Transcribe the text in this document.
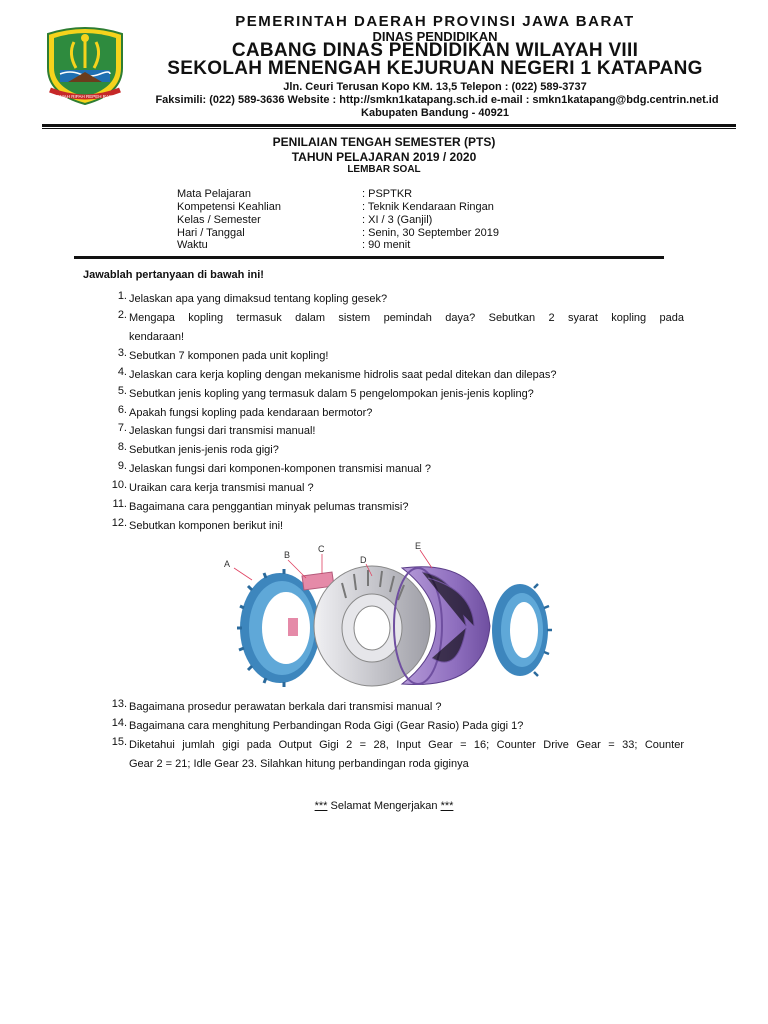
GEMAH RIPAH REPEH RAPIH
PEMERINTAH DAERAH PROVINSI JAWA BARAT
DINAS PENDIDIKAN
CABANG DINAS PENDIDIKAN WILAYAH VIII
SEKOLAH MENENGAH KEJURUAN NEGERI 1 KATAPANG
Jln. Ceuri Terusan Kopo KM. 13,5 Telepon : (022) 589-3737
Faksimili: (022) 589-3636 Website : http://smkn1katapang.sch.id e-mail : smkn1katapang@bdg.centrin.net.id
Kabupaten Bandung - 40921
PENILAIAN TENGAH SEMESTER (PTS)
TAHUN PELAJARAN 2019 / 2020
LEMBAR SOAL
Mata Pelajaran	: PSPTKR
Kompetensi Keahlian	: Teknik Kendaraan Ringan
Kelas / Semester	: XI / 3 (Ganjil)
Hari / Tanggal	: Senin, 30 September 2019
Waktu	: 90 menit
Jawablah pertanyaan di bawah ini!
1. Jelaskan apa yang dimaksud tentang kopling gesek?
2. Mengapa kopling termasuk dalam sistem pemindah daya? Sebutkan 2 syarat kopling pada
kendaraan!
3. Sebutkan 7 komponen pada unit kopling!
4. Jelaskan cara kerja kopling dengan mekanisme hidrolis saat pedal ditekan dan dilepas?
5. Sebutkan jenis kopling yang termasuk dalam 5 pengelompokan jenis-jenis kopling?
6. Apakah fungsi kopling pada kendaraan bermotor?
7. Jelaskan fungsi dari transmisi manual!
8. Sebutkan jenis-jenis roda gigi?
9. Jelaskan fungsi dari komponen-komponen transmisi manual ?
10. Uraikan cara kerja transmisi manual ?
11. Bagaimana cara penggantian minyak pelumas transmisi?
12. Sebutkan komponen berikut ini!
A
B
C
D
E
13. Bagaimana prosedur perawatan berkala dari transmisi manual ?
14. Bagaimana cara menghitung Perbandingan Roda Gigi (Gear Rasio) Pada gigi 1?
15. Diketahui jumlah gigi pada Output Gigi 2 = 28, Input Gear = 16; Counter Drive Gear = 33; Counter
Gear 2 = 21; Idle Gear 23. Silahkan hitung perbandingan roda giginya
*** Selamat Mengerjakan ***
